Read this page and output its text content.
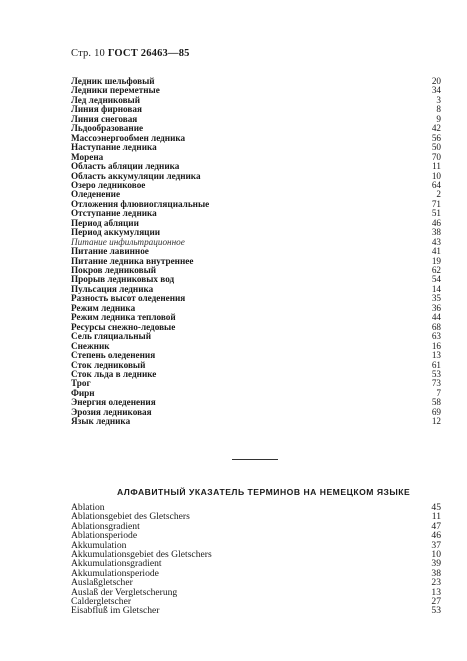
Стр. 10 ГОСТ 26463—85
Ледник шельфовый	20
Ледники переметные	34
Лед ледниковый	3
Линия фирновая	8
Линия снеговая	9
Льдообразование	42
Массоэнергообмен ледника	56
Наступание ледника	50
Морена	70
Область абляции ледника	11
Область аккумуляции ледника	10
Озеро ледниковое	64
Оледенение	2
Отложения флювиогляциальные	71
Отступание ледника	51
Период абляции	46
Период аккумуляции	38
Питание инфильтрационное	43
Питание лавинное	41
Питание ледника внутреннее	19
Покров ледниковый	62
Прорыв ледниковых вод	54
Пульсация ледника	14
Разность высот оледенения	35
Режим ледника	36
Режим ледника тепловой	44
Ресурсы снежно-ледовые	68
Сель гляциальный	63
Снежник	16
Степень оледенения	13
Сток ледниковый	61
Сток льда в леднике	53
Трог	73
Фирн	7
Энергия оледенения	58
Эрозия ледниковая	69
Язык ледника	12
АЛФАВИТНЫЙ УКАЗАТЕЛЬ ТЕРМИНОВ НА НЕМЕЦКОМ ЯЗЫКЕ
Ablation	45
Ablationsgebiet des Gletschers	11
Ablationsgradient	47
Ablationsperiode	46
Akkumulation	37
Akkumulationsgebiet des Gletschers	10
Akkumulationsgradient	39
Akkumulationsperiode	38
Auslaßgletscher	23
Auslaß der Vergletscherung	13
Caldergletscher	27
Eisabfluß im Gletscher	53
